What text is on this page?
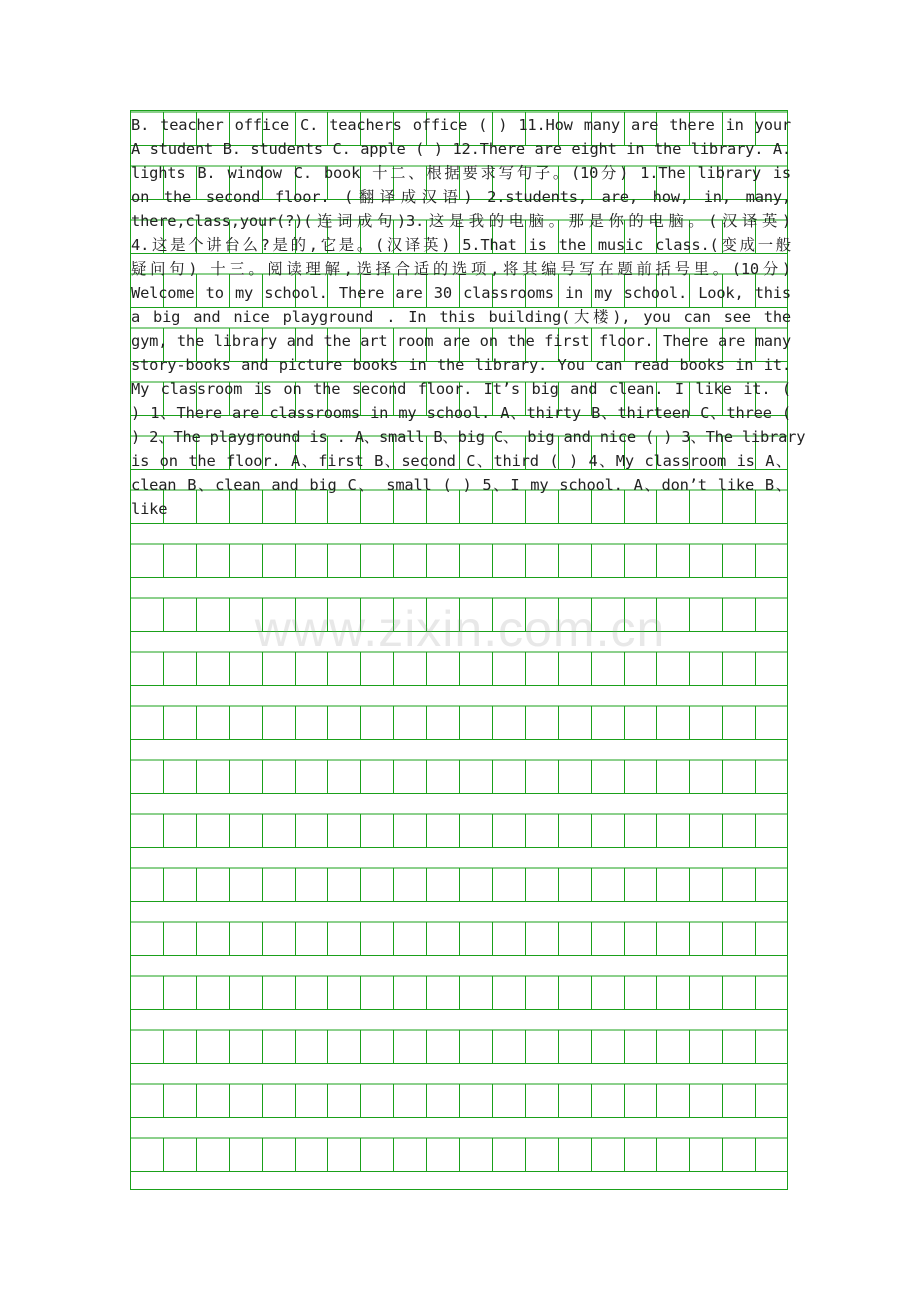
B. teacher office C. teachers office ( ) 11.How many are there in your
A student B. students C. apple ( ) 12.There are eight in the library. A.
lights B. window C. book 十二、根据要求写句子。(10分) 1.The library is
on the second floor. (翻译成汉语) 2.students, are, how, in, many,
there,class,your(?)(连词成句)3.这是我的电脑。那是你的电脑。(汉译英)
4.这是个讲台么?是的,它是。(汉译英) 5.That is the music class.(变成一般
疑问句) 十三。阅读理解,选择合适的选项,将其编号写在题前括号里。(10分)
Welcome to my school. There are 30 classrooms in my school. Look, this
a big and nice playground . In this building(大楼), you can see the
gym, the library and the art room are on the first floor. There are many
story-books and picture books in the library. You can read books in it.
My classroom is on the second floor. It’s big and clean. I like it. (
) 1、There are classrooms in my school. A、thirty B、thirteen C、three (
) 2、The playground is . A、small B、big C、 big and nice ( ) 3、The library
is on the floor. A、first B、second C、third ( ) 4、My classroom is A、
clean B、clean and big C、 small ( ) 5、I my school. A、don’t like B、
like
www.zixin.com.cn
